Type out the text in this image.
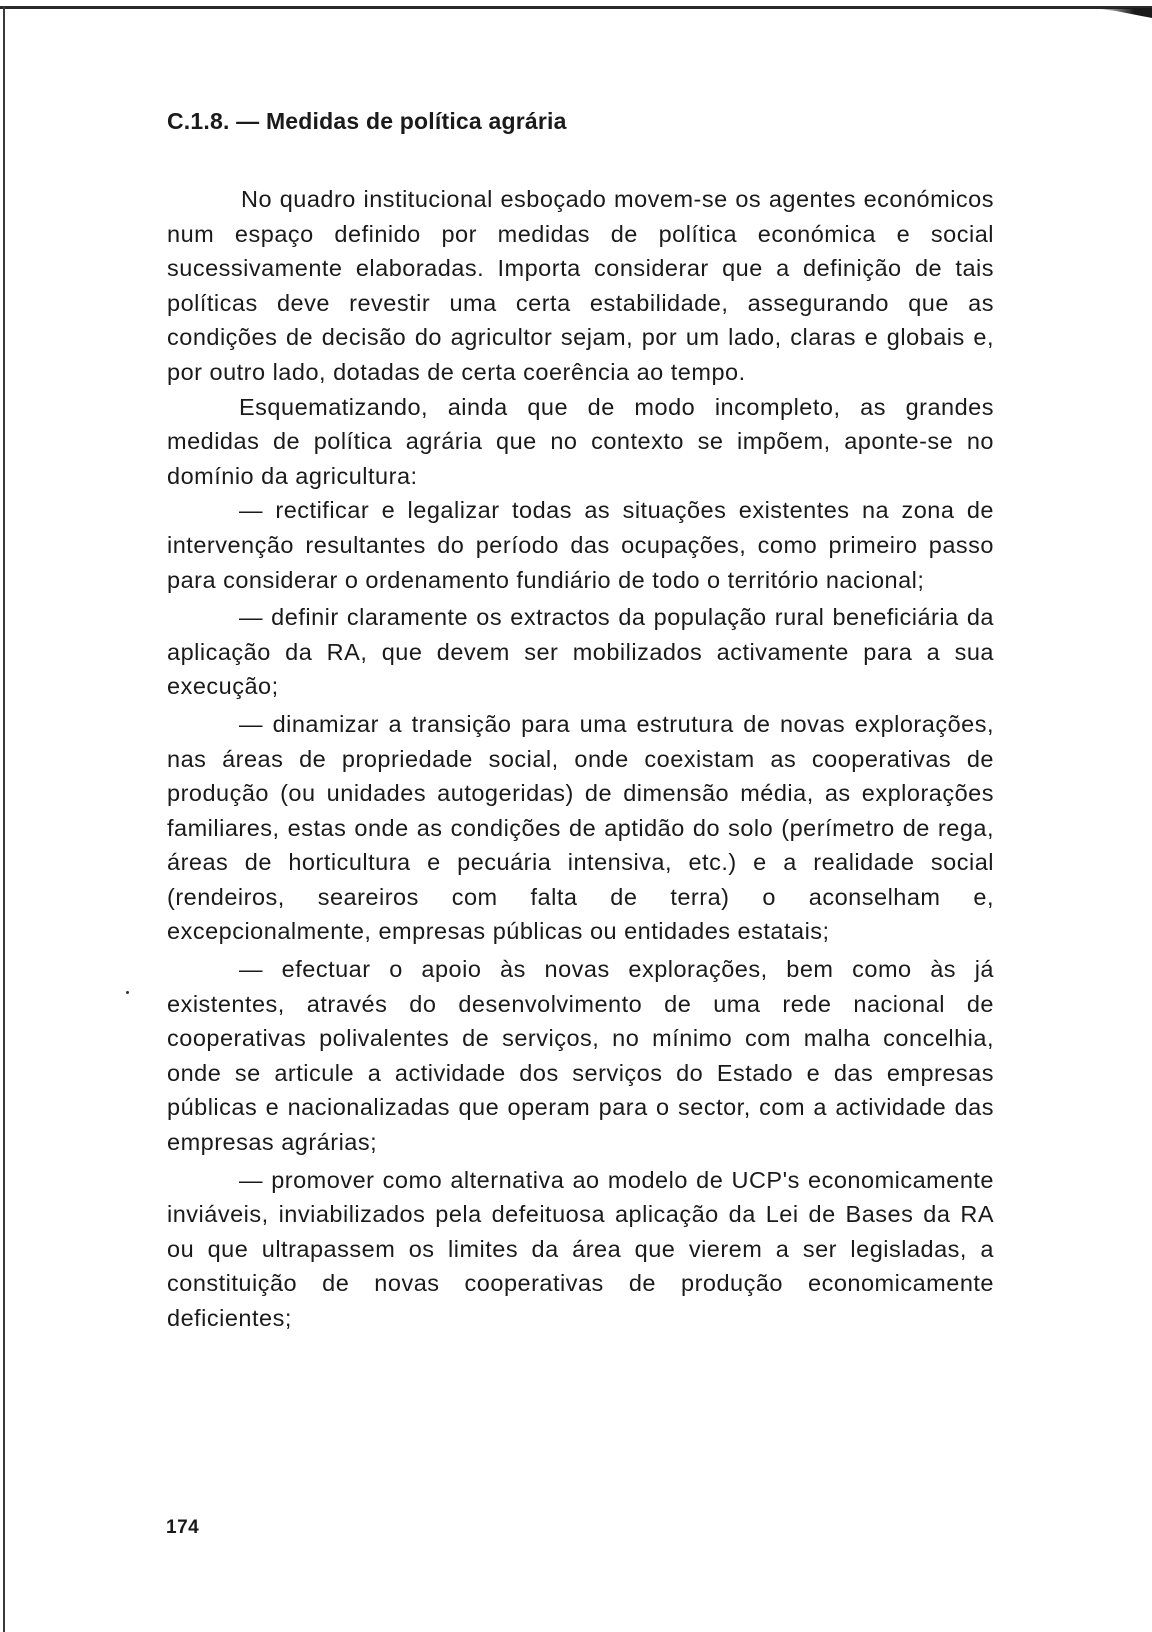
C.1.8. — Medidas de política agrária

No quadro institucional esboçado movem-se os agentes económicos num espaço definido por medidas de política económica e social sucessivamente elaboradas. Importa considerar que a definição de tais políticas deve revestir uma certa estabilidade, assegurando que as condições de decisão do agricultor sejam, por um lado, claras e globais e, por outro lado, dotadas de certa coerência ao tempo.

Esquematizando, ainda que de modo incompleto, as grandes medidas de política agrária que no contexto se impõem, aponte-se no domínio da agricultura:

— rectificar e legalizar todas as situações existentes na zona de intervenção resultantes do período das ocupações, como primeiro passo para considerar o ordenamento fundiário de todo o território nacional;

— definir claramente os extractos da população rural beneficiária da aplicação da RA, que devem ser mobilizados activamente para a sua execução;

— dinamizar a transição para uma estrutura de novas explorações, nas áreas de propriedade social, onde coexistam as cooperativas de produção (ou unidades autogeridas) de dimensão média, as explorações familiares, estas onde as condições de aptidão do solo (perímetro de rega, áreas de horticultura e pecuária intensiva, etc.) e a realidade social (rendeiros, seareiros com falta de terra) o aconselham e, excepcionalmente, empresas públicas ou entidades estatais;

— efectuar o apoio às novas explorações, bem como às já existentes, através do desenvolvimento de uma rede nacional de cooperativas polivalentes de serviços, no mínimo com malha concelhia, onde se articule a actividade dos serviços do Estado e das empresas públicas e nacionalizadas que operam para o sector, com a actividade das empresas agrárias;

— promover como alternativa ao modelo de UCP's economicamente inviáveis, inviabilizados pela defeituosa aplicação da Lei de Bases da RA ou que ultrapassem os limites da área que vierem a ser legisladas, a constituição de novas cooperativas de produção economicamente deficientes;

174
